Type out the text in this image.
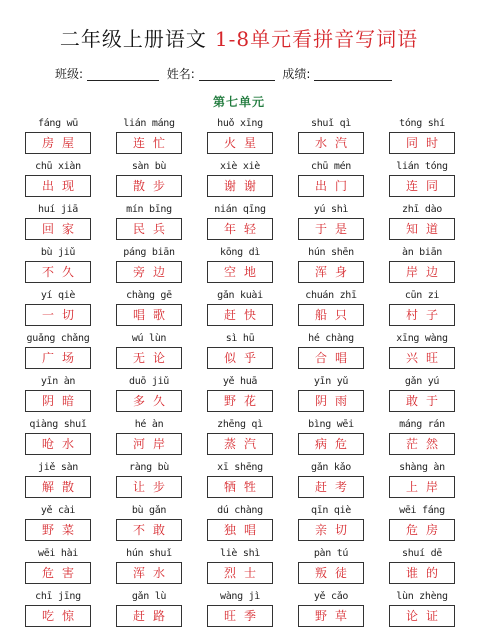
二年级上册语文 1-8单元看拼音写词语
班级:	姓名:	成绩:
第七单元
fáng wū
房屋
lián máng
连忙
huǒ xīng
火星
shuǐ qì
水汽
tóng shí
同时
chū xiàn
出现
sàn bù
散步
xiè xiè
谢谢
chū mén
出门
lián tóng
连同
huí jiā
回家
mín bīng
民兵
nián qīng
年轻
yú shì
于是
zhī dào
知道
bù jiǔ
不久
páng biān
旁边
kōng dì
空地
hún shēn
浑身
àn biān
岸边
yí qiè
一切
chàng gē
唱歌
gǎn kuài
赶快
chuán zhī
船只
cūn zi
村子
guǎng chǎng
广场
wú lùn
无论
sì hū
似乎
hé chàng
合唱
xīng wàng
兴旺
yīn àn
阴暗
duō jiǔ
多久
yě huā
野花
yīn yǔ
阴雨
gǎn yú
敢于
qiàng shuǐ
呛水
hé àn
河岸
zhēng qì
蒸汽
bìng wēi
病危
máng rán
茫然
jiě sàn
解散
ràng bù
让步
xī shēng
牺牲
gǎn kǎo
赶考
shàng àn
上岸
yě cài
野菜
bù gǎn
不敢
dú chàng
独唱
qīn qiè
亲切
wēi fáng
危房
wēi hài
危害
hún shuǐ
浑水
liè shì
烈士
pàn tú
叛徒
shuí dē
谁的
chī jīng
吃惊
gǎn lù
赶路
wàng jì
旺季
yě cǎo
野草
lùn zhèng
论证
